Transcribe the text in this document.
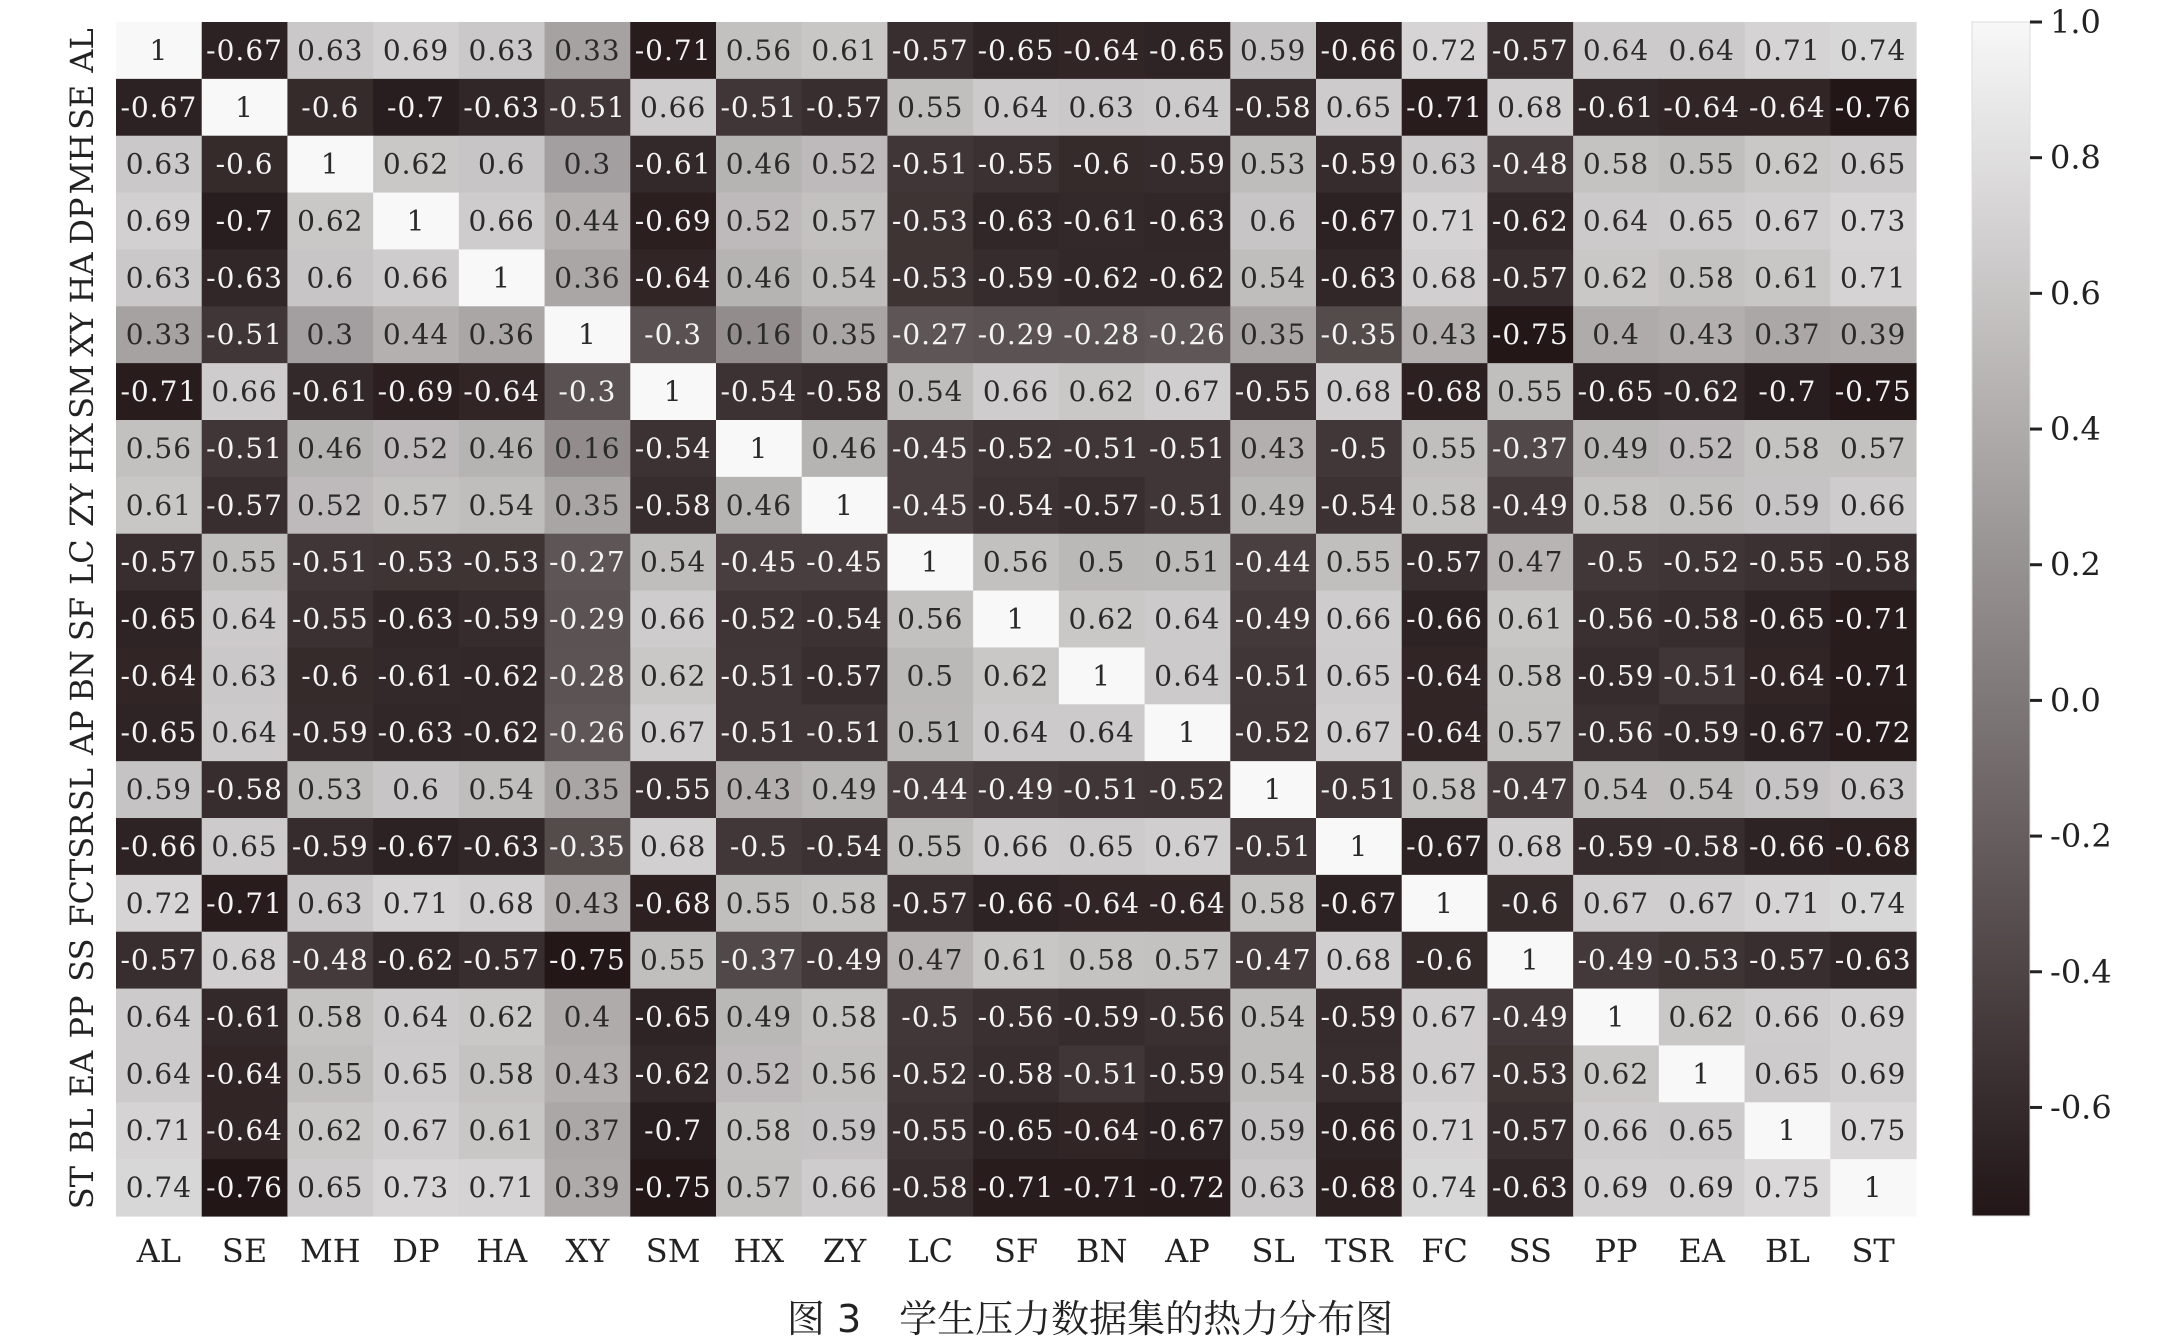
1 -0.67 0.63 0.69 0.63 0.33 -0.71 0.56 0.61 -0.57 -0.65 -0.64 -0.65 0.59 -0.66 0.72 -0.57 0.64 0.64 0.71 0.74
-0.67 1 -0.6 -0.7 -0.63 -0.51 0.66 -0.51 -0.57 0.55 0.64 0.63 0.64 -0.58 0.65 -0.71 0.68 -0.61 -0.64 -0.64 -0.76
0.63 -0.6 1 0.62 0.6 0.3 -0.61 0.46 0.52 -0.51 -0.55 -0.6 -0.59 0.53 -0.59 0.63 -0.48 0.58 0.55 0.62 0.65
0.69 -0.7 0.62 1 0.66 0.44 -0.69 0.52 0.57 -0.53 -0.63 -0.61 -0.63 0.6 -0.67 0.71 -0.62 0.64 0.65 0.67 0.73
0.63 -0.63 0.6 0.66 1 0.36 -0.64 0.46 0.54 -0.53 -0.59 -0.62 -0.62 0.54 -0.63 0.68 -0.57 0.62 0.58 0.61 0.71
0.33 -0.51 0.3 0.44 0.36 1 -0.3 0.16 0.35 -0.27 -0.29 -0.28 -0.26 0.35 -0.35 0.43 -0.75 0.4 0.43 0.37 0.39
-0.71 0.66 -0.61 -0.69 -0.64 -0.3 1 -0.54 -0.58 0.54 0.66 0.62 0.67 -0.55 0.68 -0.68 0.55 -0.65 -0.62 -0.7 -0.75
0.56 -0.51 0.46 0.52 0.46 0.16 -0.54 1 0.46 -0.45 -0.52 -0.51 -0.51 0.43 -0.5 0.55 -0.37 0.49 0.52 0.58 0.57
0.61 -0.57 0.52 0.57 0.54 0.35 -0.58 0.46 1 -0.45 -0.54 -0.57 -0.51 0.49 -0.54 0.58 -0.49 0.58 0.56 0.59 0.66
-0.57 0.55 -0.51 -0.53 -0.53 -0.27 0.54 -0.45 -0.45 1 0.56 0.5 0.51 -0.44 0.55 -0.57 0.47 -0.5 -0.52 -0.55 -0.58
-0.65 0.64 -0.55 -0.63 -0.59 -0.29 0.66 -0.52 -0.54 0.56 1 0.62 0.64 -0.49 0.66 -0.66 0.61 -0.56 -0.58 -0.65 -0.71
-0.64 0.63 -0.6 -0.61 -0.62 -0.28 0.62 -0.51 -0.57 0.5 0.62 1 0.64 -0.51 0.65 -0.64 0.58 -0.59 -0.51 -0.64 -0.71
-0.65 0.64 -0.59 -0.63 -0.62 -0.26 0.67 -0.51 -0.51 0.51 0.64 0.64 1 -0.52 0.67 -0.64 0.57 -0.56 -0.59 -0.67 -0.72
0.59 -0.58 0.53 0.6 0.54 0.35 -0.55 0.43 0.49 -0.44 -0.49 -0.51 -0.52 1 -0.51 0.58 -0.47 0.54 0.54 0.59 0.63
-0.66 0.65 -0.59 -0.67 -0.63 -0.35 0.68 -0.5 -0.54 0.55 0.66 0.65 0.67 -0.51 1 -0.67 0.68 -0.59 -0.58 -0.66 -0.68
0.72 -0.71 0.63 0.71 0.68 0.43 -0.68 0.55 0.58 -0.57 -0.66 -0.64 -0.64 0.58 -0.67 1 -0.6 0.67 0.67 0.71 0.74
-0.57 0.68 -0.48 -0.62 -0.57 -0.75 0.55 -0.37 -0.49 0.47 0.61 0.58 0.57 -0.47 0.68 -0.6 1 -0.49 -0.53 -0.57 -0.63
0.64 -0.61 0.58 0.64 0.62 0.4 -0.65 0.49 0.58 -0.5 -0.56 -0.59 -0.56 0.54 -0.59 0.67 -0.49 1 0.62 0.66 0.69
0.64 -0.64 0.55 0.65 0.58 0.43 -0.62 0.52 0.56 -0.52 -0.58 -0.51 -0.59 0.54 -0.58 0.67 -0.53 0.62 1 0.65 0.69
0.71 -0.64 0.62 0.67 0.61 0.37 -0.7 0.58 0.59 -0.55 -0.65 -0.64 -0.67 0.59 -0.66 0.71 -0.57 0.66 0.65 1 0.75
0.74 -0.76 0.65 0.73 0.71 0.39 -0.75 0.57 0.66 -0.58 -0.71 -0.71 -0.72 0.63 -0.68 0.74 -0.63 0.69 0.69 0.75 1
AL SE MH DP HA XY SM HX ZY LC SF BN AP SL TSR FC SS PP EA BL ST
AL
SE
MH
DP
HA
XY
SM
HX
ZY
LC
SF
BN
AP
SL
TSR
FC
SS
PP
EA
BL
ST
1.0
0.8
0.6
0.4
0.2
0.0
-0.2
-0.4
-0.6
图 3　学生压力数据集的热力分布图
